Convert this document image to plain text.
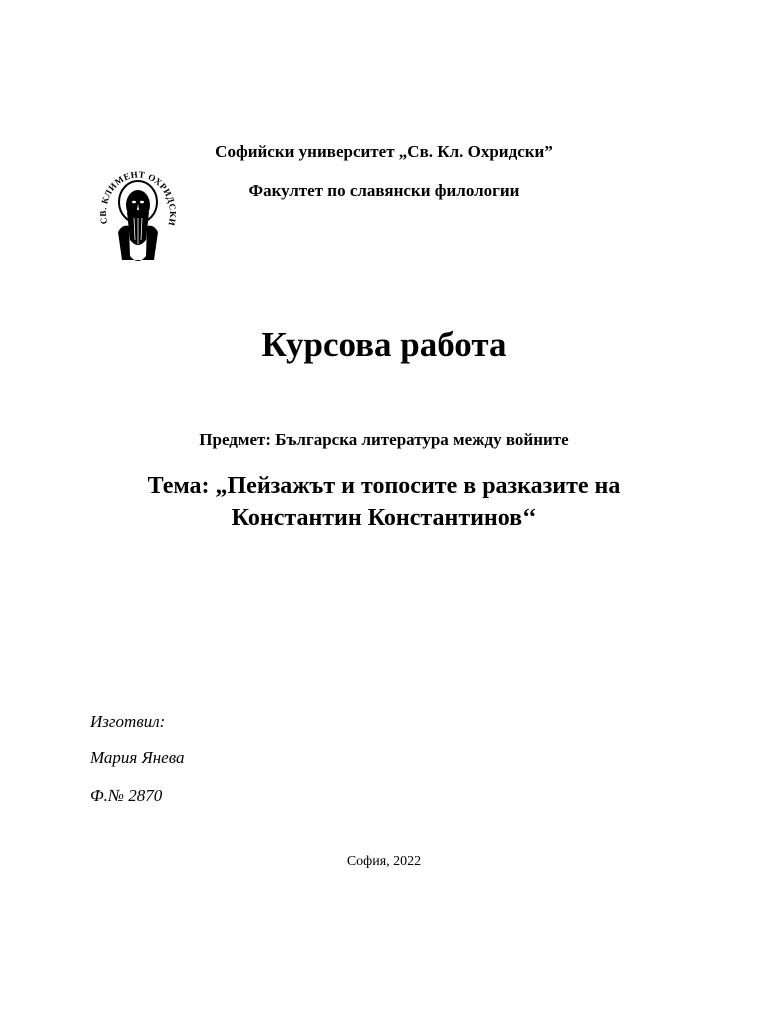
СВ. КЛИМЕНТ ОХРИДСКИ
Софийски университет „Св. Кл. Охридски”
Факултет по славянски филологии
Курсова работа
Предмет: Българска литература между войните
Тема: „Пейзажът и топосите в разказите на
Константин Константинов‘‘
Изготвил:
Мария Янева
Ф.№ 2870
София, 2022
